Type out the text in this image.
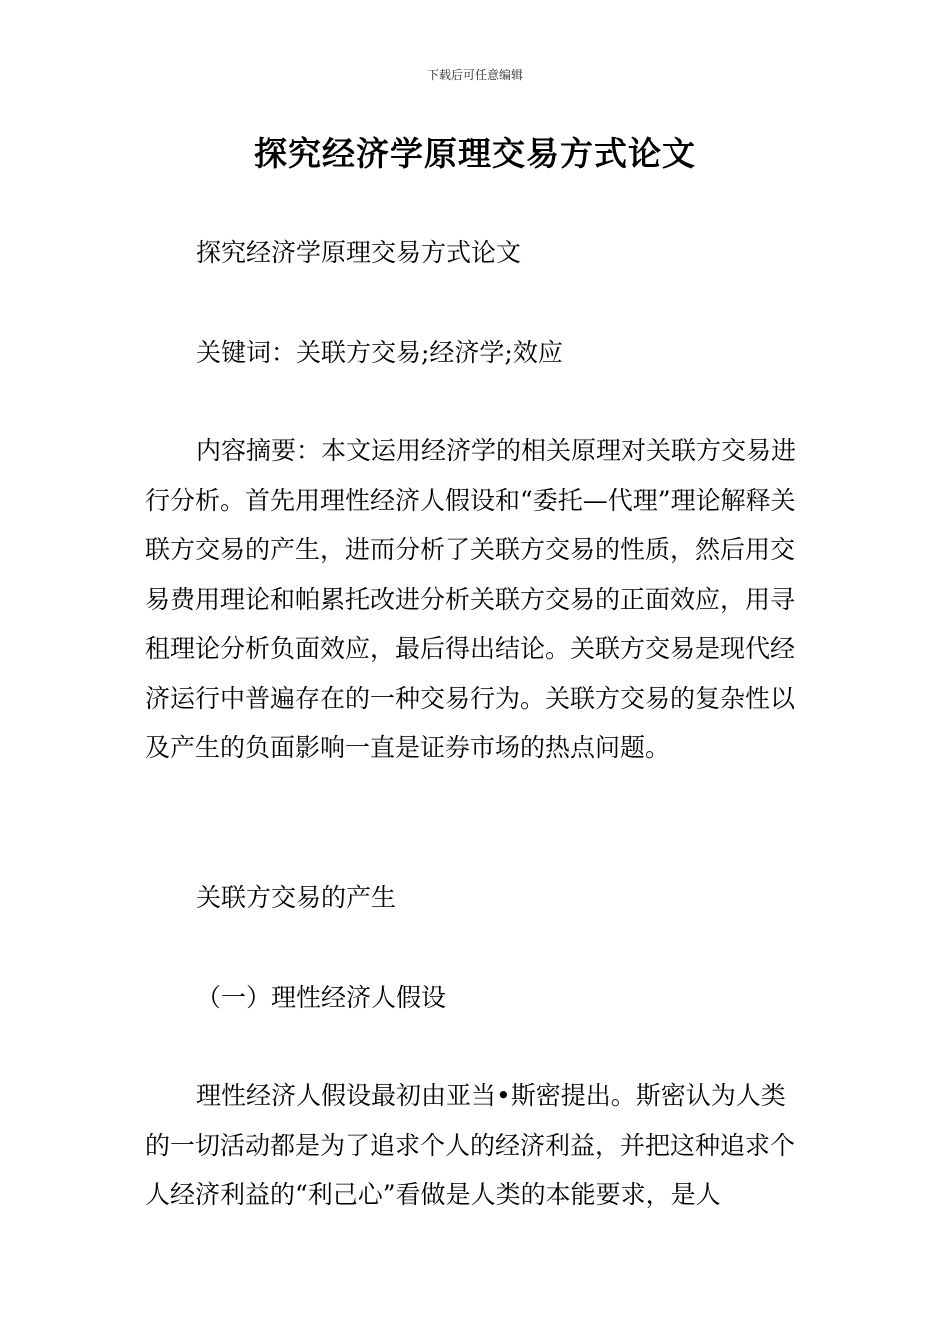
下载后可任意编辑
探究经济学原理交易方式论文

探究经济学原理交易方式论文

关键词：关联方交易;经济学;效应

内容摘要：本文运用经济学的相关原理对关联方交易进行分析。首先用理性经济人假设和“委托—代理”理论解释关联方交易的产生，进而分析了关联方交易的性质，然后用交易费用理论和帕累托改进分析关联方交易的正面效应，用寻租理论分析负面效应，最后得出结论。关联方交易是现代经济运行中普遍存在的一种交易行为。关联方交易的复杂性以及产生的负面影响一直是证券市场的热点问题。

关联方交易的产生

（一）理性经济人假设

理性经济人假设最初由亚当•斯密提出。斯密认为人类的一切活动都是为了追求个人的经济利益，并把这种追求个人经济利益的“利己心”看做是人类的本能要求，是人
